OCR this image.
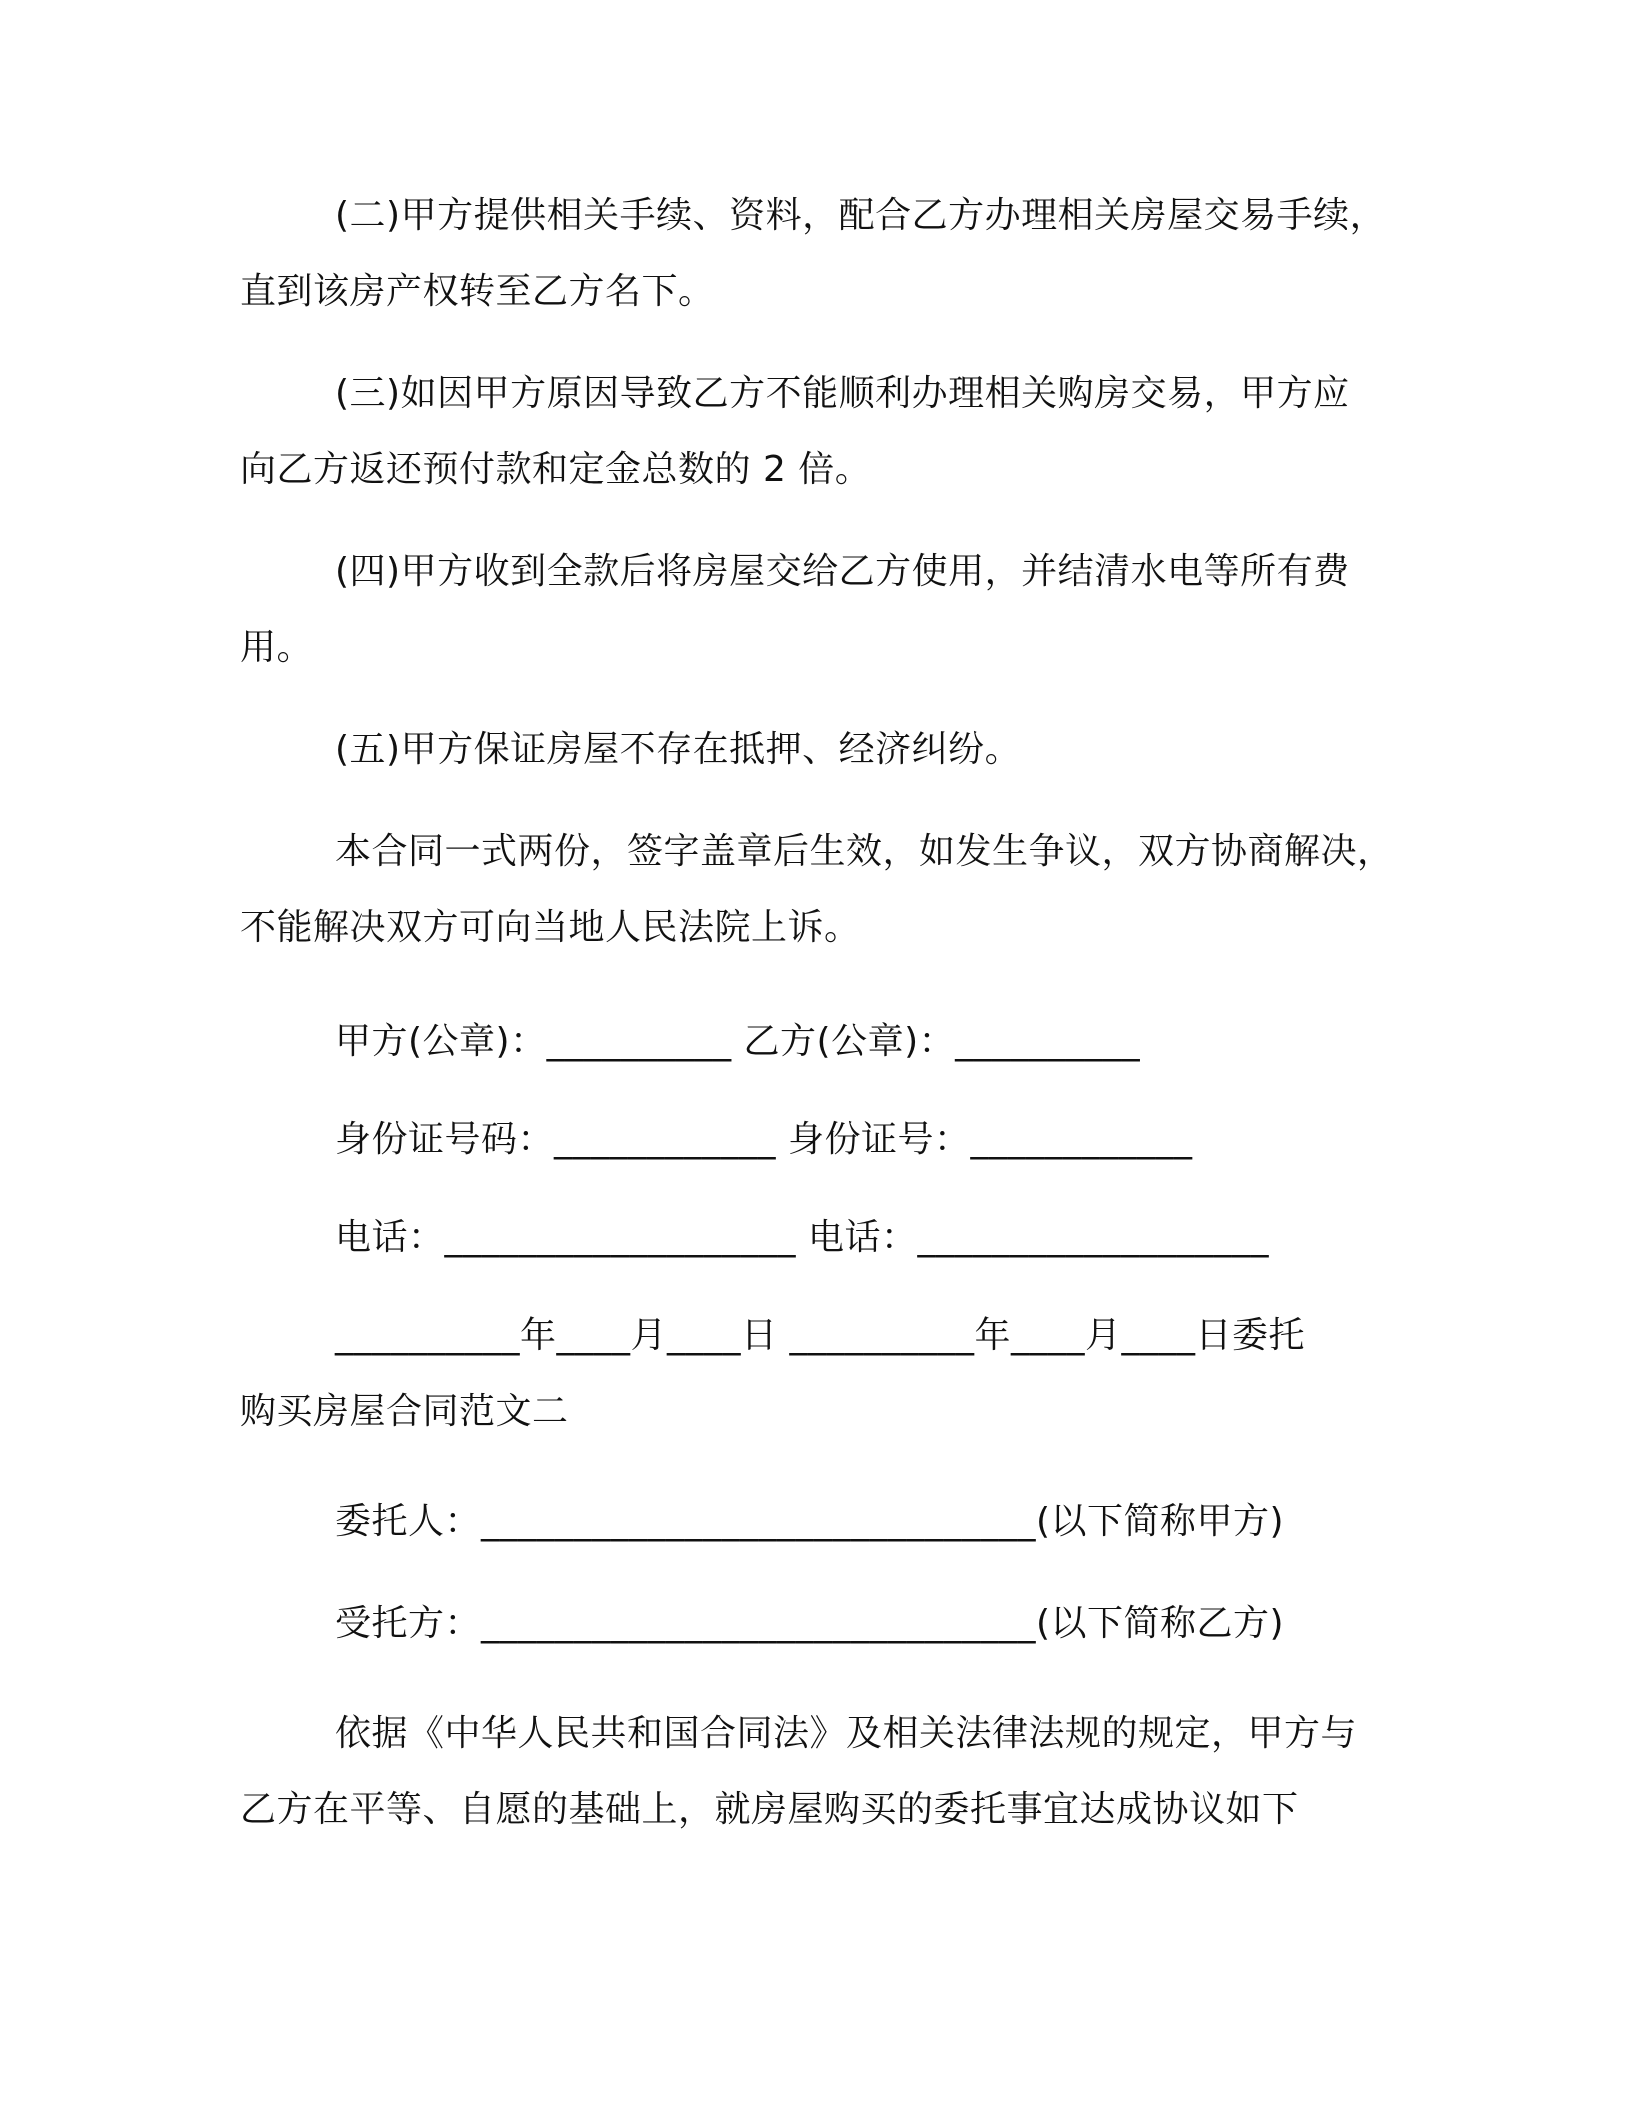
(二)甲方提供相关手续、资料，配合乙方办理相关房屋交易手续，
直到该房产权转至乙方名下。
(三)如因甲方原因导致乙方不能顺利办理相关购房交易，甲方应
向乙方返还预付款和定金总数的 2 倍。
(四)甲方收到全款后将房屋交给乙方使用，并结清水电等所有费
用。
(五)甲方保证房屋不存在抵押、经济纠纷。
本合同一式两份，签字盖章后生效，如发生争议，双方协商解决，
不能解决双方可向当地人民法院上诉。
甲方(公章)：__________ 乙方(公章)：__________
身份证号码：____________ 身份证号：____________
电话：___________________ 电话：___________________
__________年____月____日 __________年____月____日委托
购买房屋合同范文二
委托人：______________________________(以下简称甲方)
受托方：______________________________(以下简称乙方)
依据《中华人民共和国合同法》及相关法律法规的规定，甲方与
乙方在平等、自愿的基础上，就房屋购买的委托事宜达成协议如下
